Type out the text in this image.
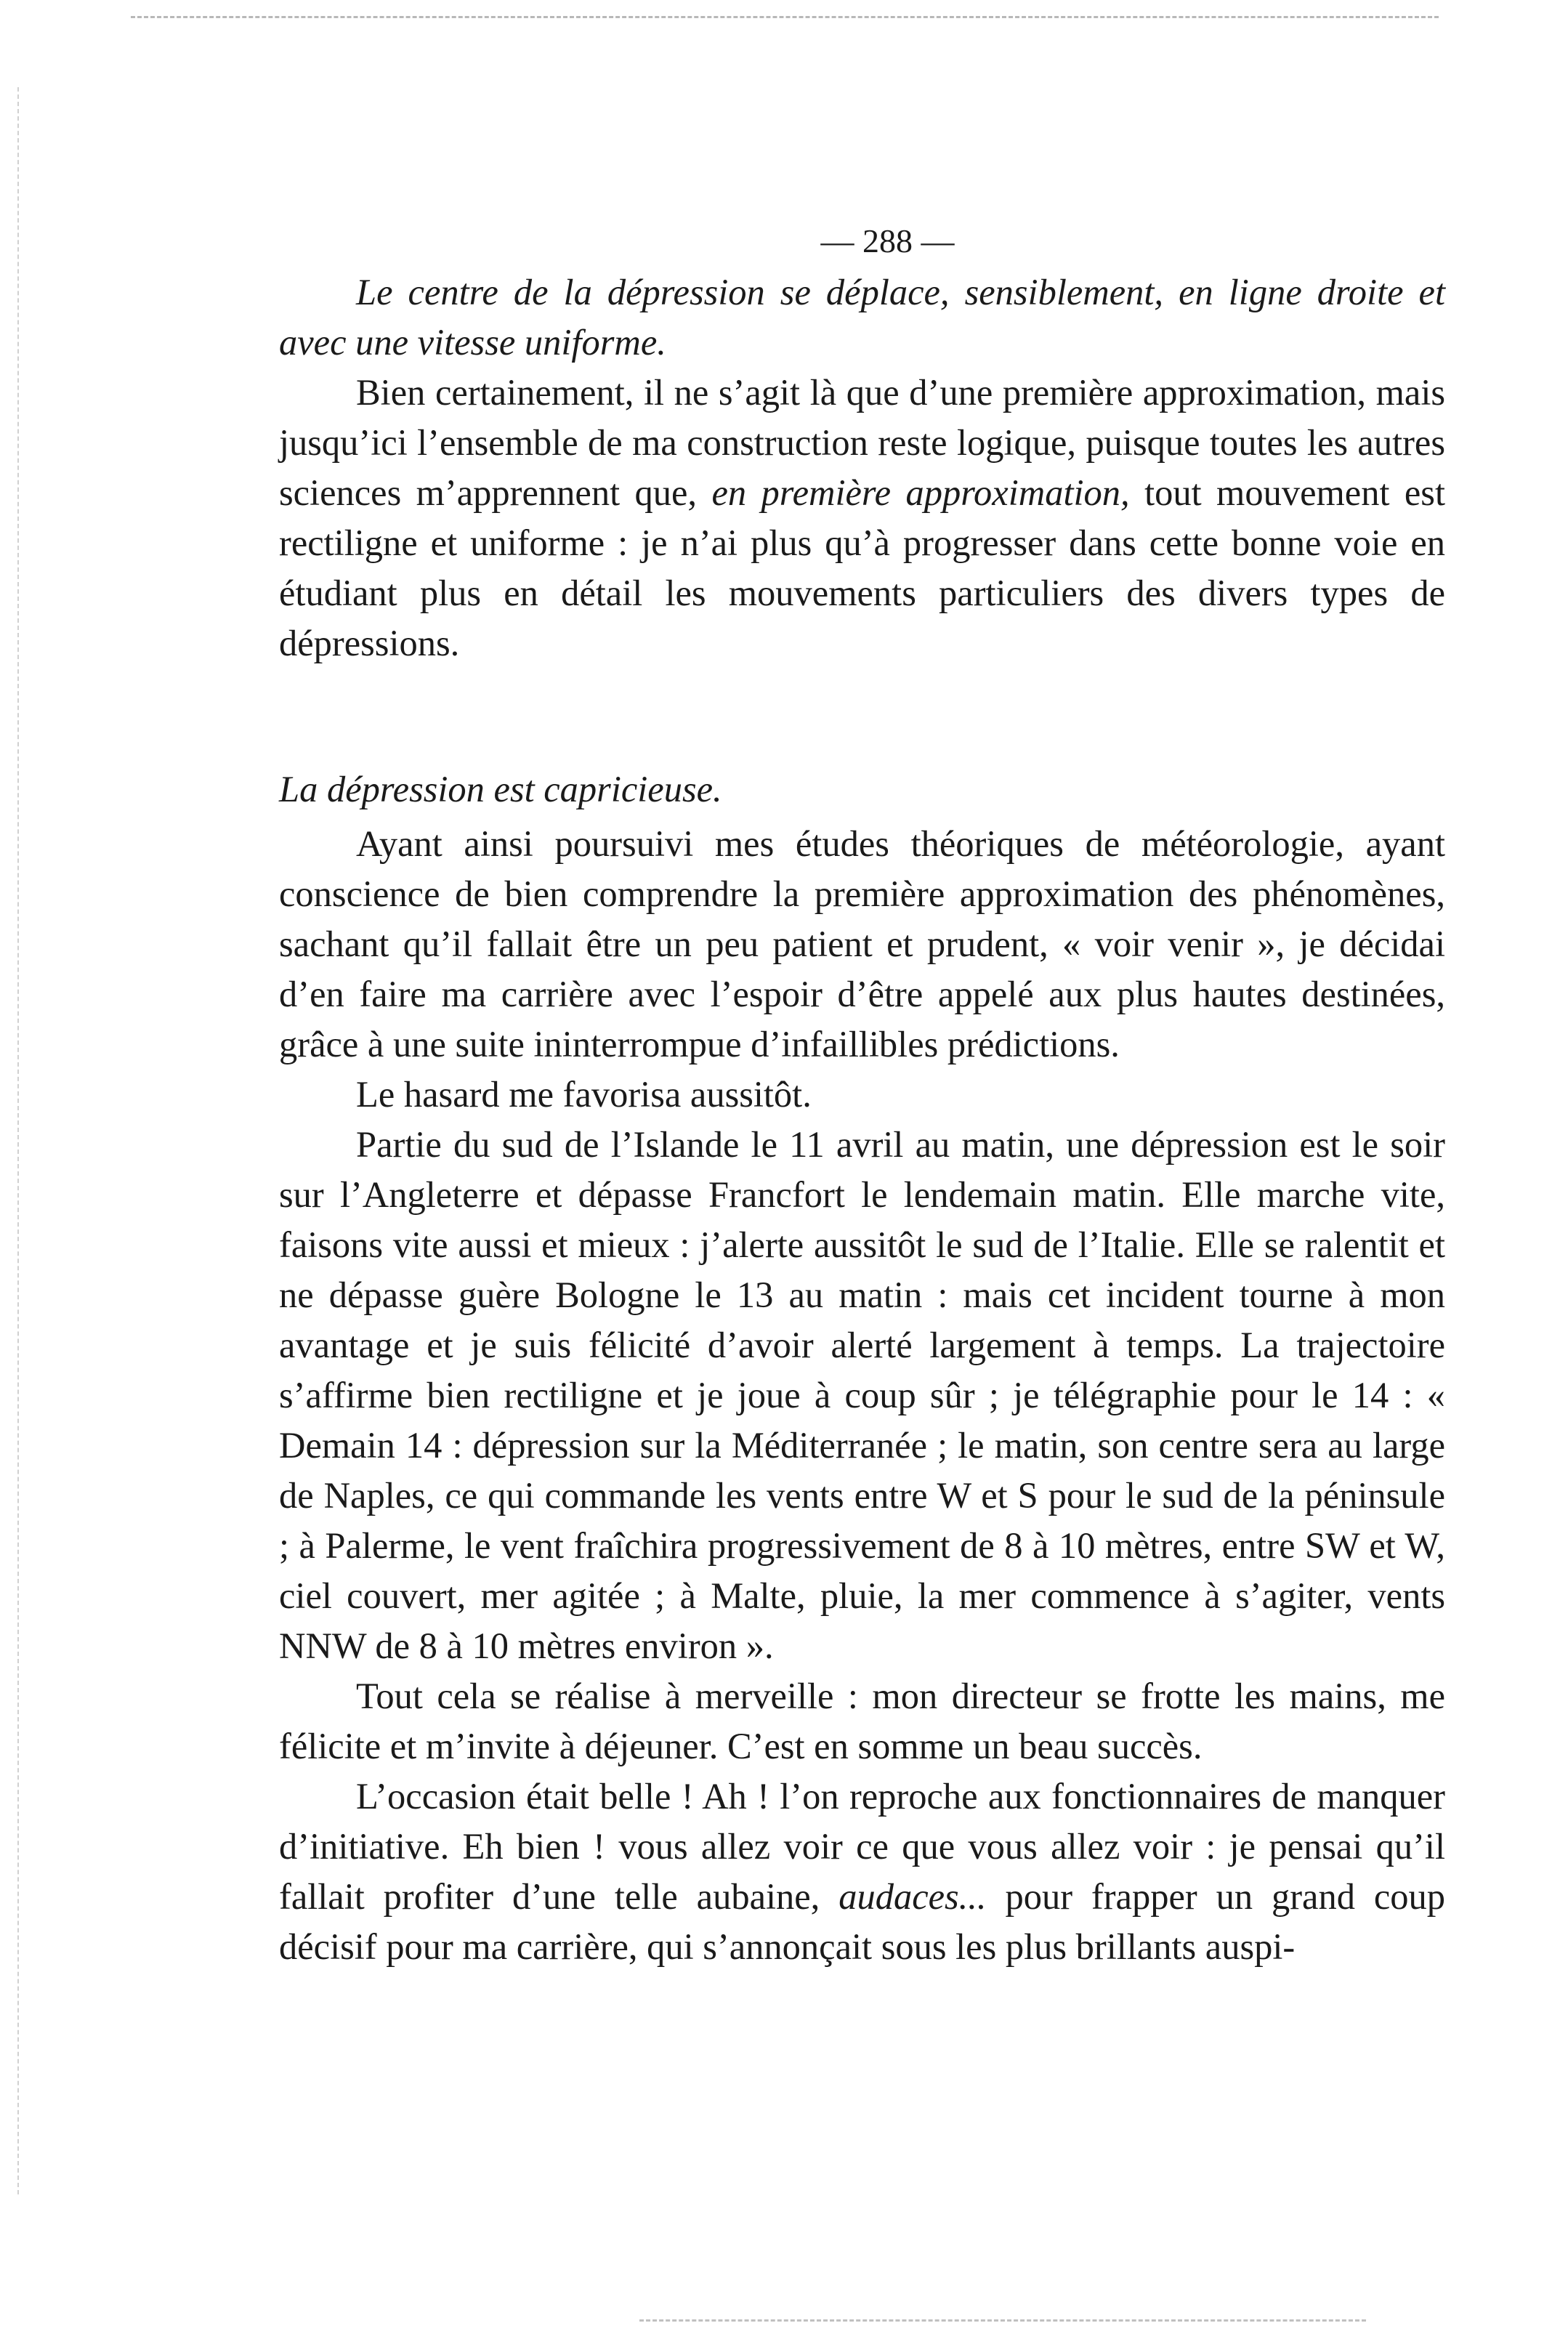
— 288 —

Le centre de la dépression se déplace, sensiblement, en ligne droite et avec une vitesse uniforme.

Bien certainement, il ne s’agit là que d’une première approximation, mais jusqu’ici l’ensemble de ma construction reste logique, puisque toutes les autres sciences m’apprennent que, en première approximation, tout mouvement est rectiligne et uniforme : je n’ai plus qu’à progresser dans cette bonne voie en étudiant plus en détail les mouvements particuliers des divers types de dépressions.

La dépression est capricieuse.

Ayant ainsi poursuivi mes études théoriques de météorologie, ayant conscience de bien comprendre la première approximation des phénomènes, sachant qu’il fallait être un peu patient et prudent, « voir venir », je décidai d’en faire ma carrière avec l’espoir d’être appelé aux plus hautes destinées, grâce à une suite ininterrompue d’infaillibles prédictions.

Le hasard me favorisa aussitôt.

Partie du sud de l’Islande le 11 avril au matin, une dépression est le soir sur l’Angleterre et dépasse Francfort le lendemain matin. Elle marche vite, faisons vite aussi et mieux : j’alerte aussitôt le sud de l’Italie. Elle se ralentit et ne dépasse guère Bologne le 13 au matin : mais cet incident tourne à mon avantage et je suis félicité d’avoir alerté largement à temps. La trajectoire s’affirme bien rectiligne et je joue à coup sûr ; je télégraphie pour le 14 : « Demain 14 : dépression sur la Méditerranée ; le matin, son centre sera au large de Naples, ce qui commande les vents entre W et S pour le sud de la péninsule ; à Palerme, le vent fraîchira progressivement de 8 à 10 mètres, entre SW et W, ciel couvert, mer agitée ; à Malte, pluie, la mer commence à s’agiter, vents NNW de 8 à 10 mètres environ ».

Tout cela se réalise à merveille : mon directeur se frotte les mains, me félicite et m’invite à déjeuner. C’est en somme un beau succès.

L’occasion était belle ! Ah ! l’on reproche aux fonctionnaires de manquer d’initiative. Eh bien ! vous allez voir ce que vous allez voir : je pensai qu’il fallait profiter d’une telle aubaine, audaces... pour frapper un grand coup décisif pour ma carrière, qui s’annonçait sous les plus brillants auspi-
